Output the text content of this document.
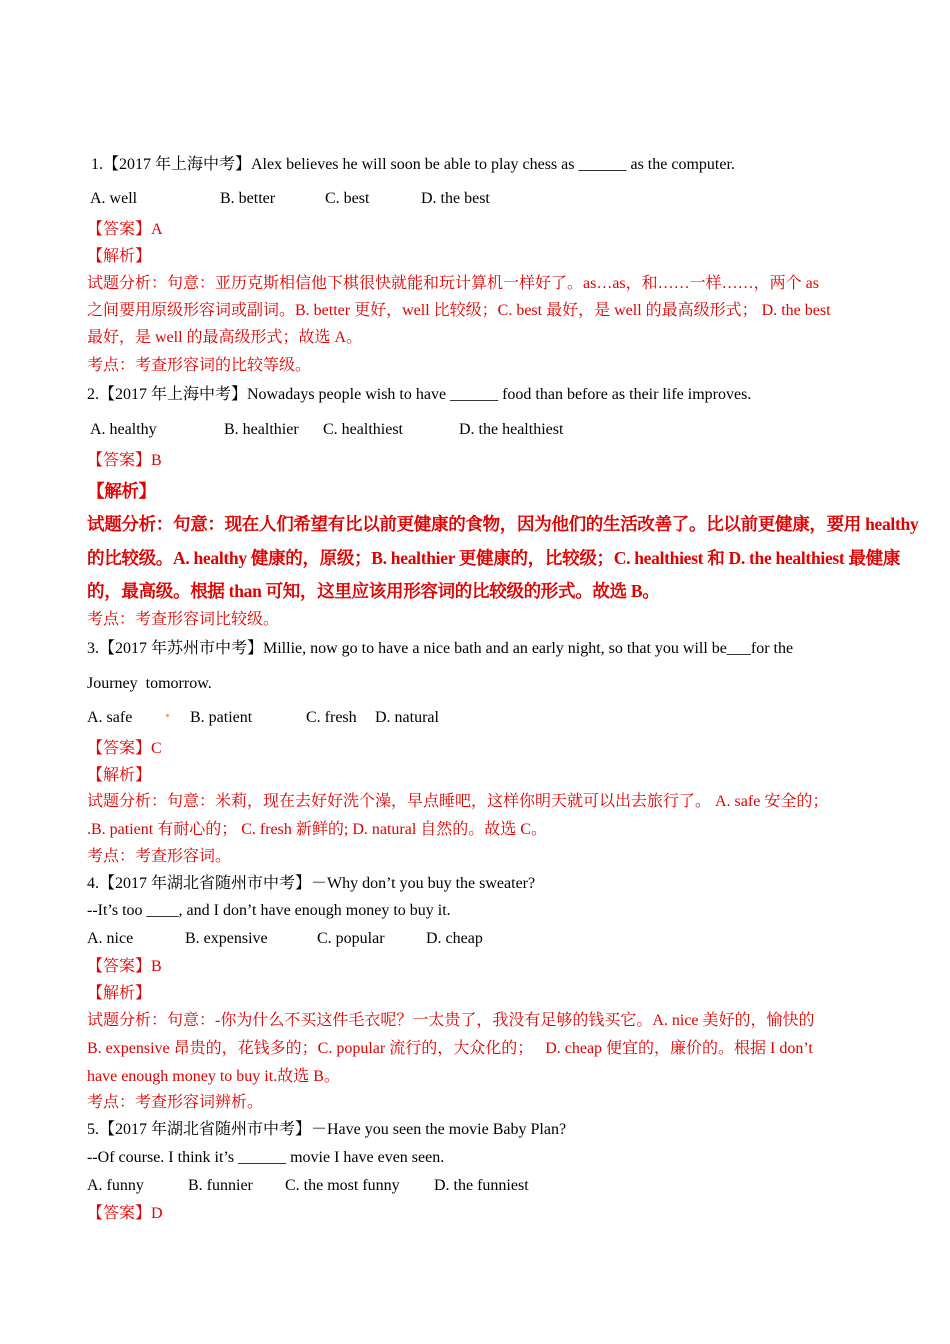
1.【2017 年上海中考】Alex believes he will soon be able to play chess as ______ as the computer.
A. well	B. better	C. best	D. the best
【答案】A
【解析】
试题分析：句意：亚历克斯相信他下棋很快就能和玩计算机一样好了。as…as，和……一样……，两个 as
之间要用原级形容词或副词。B. better 更好，well 比较级；C. best 最好，是 well 的最高级形式； D. the best
最好，是 well 的最高级形式；故选 A。
考点：考查形容词的比较等级。
2.【2017 年上海中考】Nowadays people wish to have ______ food than before as their life improves.
A. healthy	B. healthier C. healthiest	D. the healthiest
【答案】B
【解析】
试题分析：句意：现在人们希望有比以前更健康的食物，因为他们的生活改善了。比以前更健康，要用 healthy
的比较级。A. healthy 健康的，原级；B. healthier 更健康的，比较级；C. healthiest 和 D. the healthiest 最健康
的，最高级。根据 than 可知，这里应该用形容词的比较级的形式。故选 B。
考点：考查形容词比较级。
3.【2017 年苏州市中考】Millie, now go to have a nice bath and an early night, so that you will be___for the
Journey  tomorrow.
A. safe	B. patient	C. fresh D. natural
【答案】C
【解析】
试题分析：句意：米莉，现在去好好洗个澡，早点睡吧，这样你明天就可以出去旅行了。 A. safe 安全的；
.B. patient 有耐心的； C. fresh 新鲜的; D. natural 自然的。故选 C。
考点：考查形容词。
4.【2017 年湖北省随州市中考】－Why don’t you buy the sweater?
--It’s too ____, and I don’t have enough money to buy it.
A. nice	B. expensive	C. popular	D. cheap
【答案】B
【解析】
试题分析：句意：-你为什么不买这件毛衣呢？一太贵了，我没有足够的钱买它。A. nice 美好的，愉快的
B. expensive 昂贵的，花钱多的；C. popular 流行的，大众化的；   D. cheap 便宜的，廉价的。根据 I don’t
have enough money to buy it.故选 B。
考点：考查形容词辨析。
5.【2017 年湖北省随州市中考】－Have you seen the movie Baby Plan?
--Of course. I think it’s ______ movie I have even seen.
A. funny	B. funnier C. the most funny D. the funniest
【答案】D
